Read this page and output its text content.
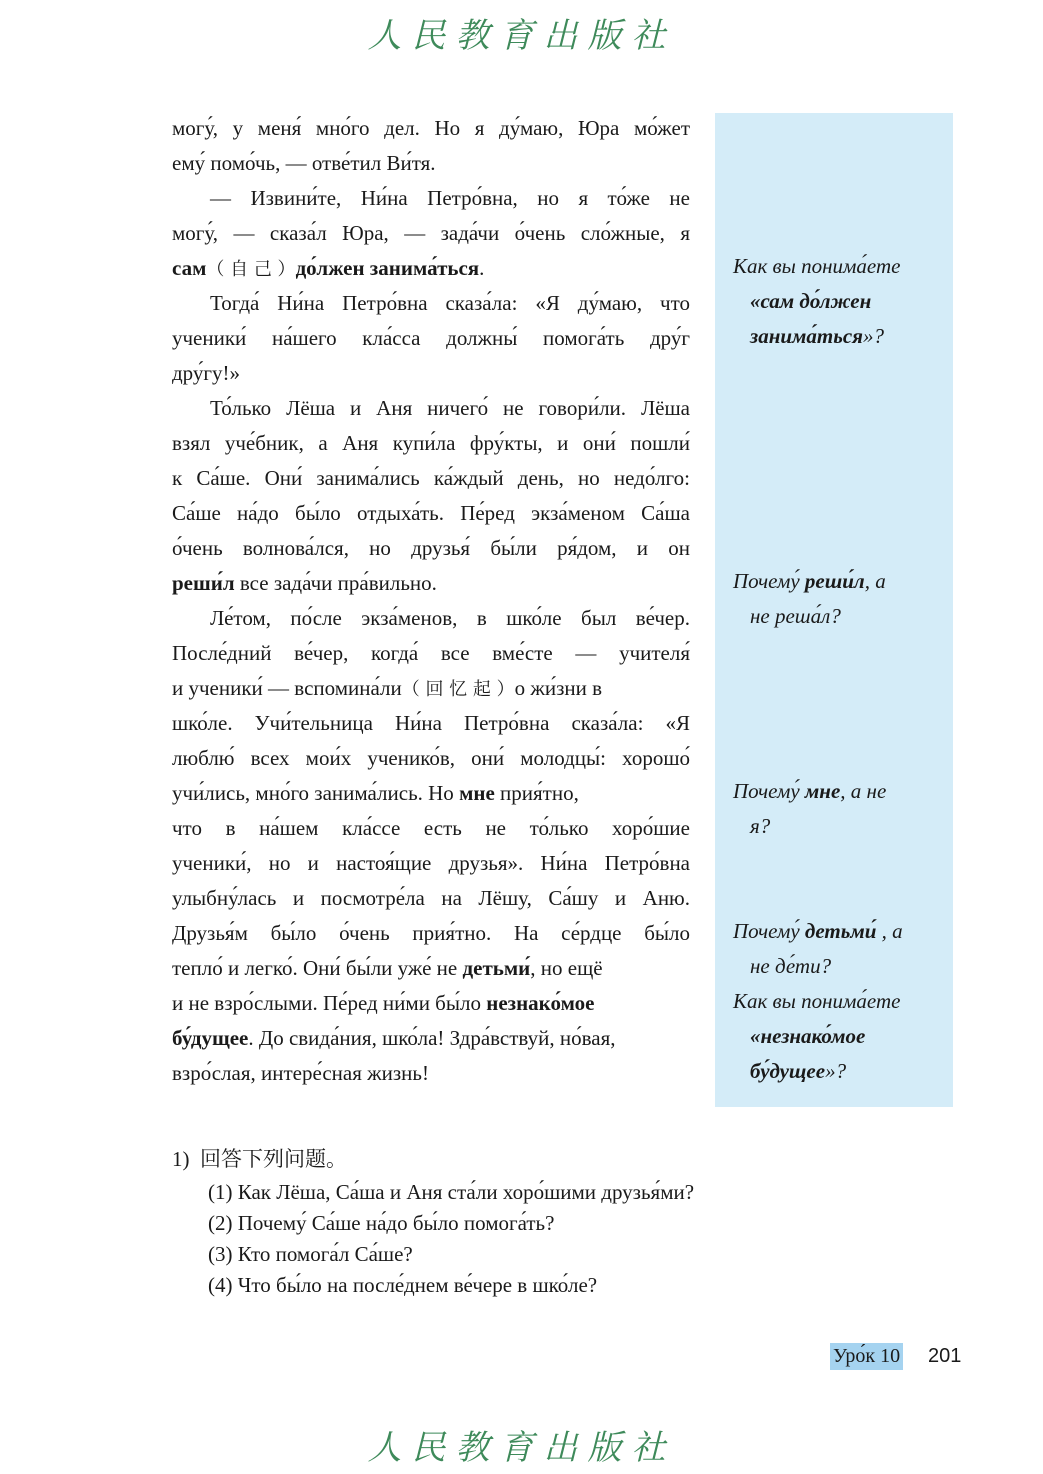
人民教育出版社
могу́, у меня́ мно́го дел. Но я ду́маю, Юра мо́жет
ему́ помо́чь, — отве́тил Ви́тя.
— Извини́те, Ни́на Петро́вна, но я то́же не
могу́, — сказа́л Юра, — зада́чи о́чень сло́жные, я
сам（ 自 己 ）до́лжен занима́ться.
Тогда́ Ни́на Петро́вна сказа́ла: «Я ду́маю, что
ученики́ на́шего кла́сса должны́ помога́ть дру́г
дру́гу!»
То́лько Лёша и Аня ничего́ не говори́ли. Лёша
взял уче́бник, а Аня купи́ла фру́кты, и они́ пошли́
к Са́ше. Они́ занима́лись ка́ждый день, но недо́лго:
Са́ше на́до бы́ло отдыха́ть. Пе́ред экза́меном Са́ша
о́чень волнова́лся, но друзья́ бы́ли ря́дом, и он
реши́л все зада́чи пра́вильно.
Ле́том, по́сле экза́менов, в шко́ле был ве́чер.
После́дний ве́чер, когда́ все вме́сте — учителя́
и ученики́ — вспомина́ли（ 回 忆 起 ）о жи́зни в
шко́ле. Учи́тельница Ни́на Петро́вна сказа́ла: «Я
люблю́ всех мои́х ученико́в, они́ молодцы́: хорошо́
учи́лись, мно́го занима́лись. Но мне прия́тно,
что в на́шем кла́ссе есть не то́лько хоро́шие
ученики́, но и настоя́щие друзья». Ни́на Петро́вна
улыбну́лась и посмотре́ла на Лёшу, Са́шу и Аню.
Друзья́м бы́ло о́чень прия́тно. На се́рдце бы́ло
тепло́ и легко́. Они́ бы́ли уже́ не детьми́, но ещё
и не взро́слыми. Пе́ред ни́ми бы́ло незнако́мое
бу́дущее. До свида́ния, шко́ла! Здра́вствуй, но́вая,
взро́слая, интере́сная жизнь!
Как вы понима́ете
«сам до́лжен
занима́ться»?
Почему́ реши́л, а
не реша́л?
Почему́ мне, а не
я?
Почему́ детьми́ , а
не де́ти?
Как вы понима́ете
«незнако́мое
бу́дущее»?
1) 回答下列问题。
(1) Как Лёша, Са́ша и Аня ста́ли хоро́шими друзья́ми?
(2) Почему́ Са́ше на́до бы́ло помога́ть?
(3) Кто помога́л Са́ше?
(4) Что бы́ло на после́днем ве́чере в шко́ле?
Уро́к 10 201
人民教育出版社
